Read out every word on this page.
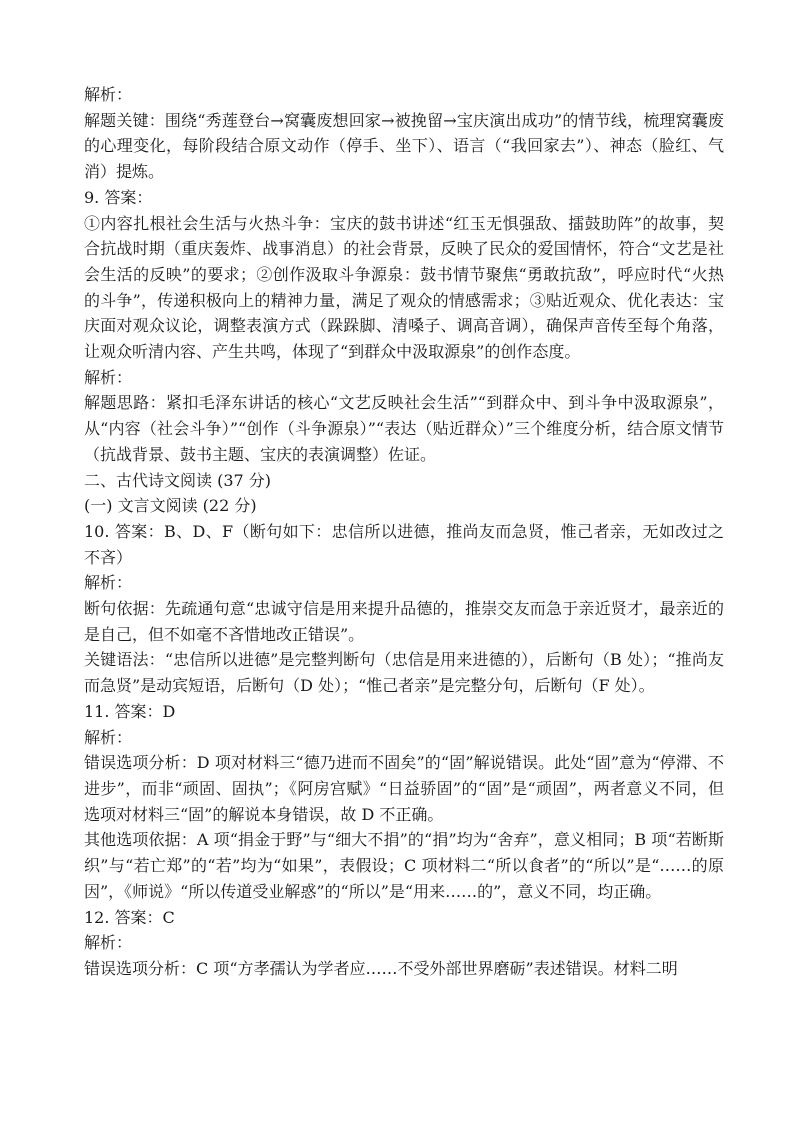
解析：

解题关键：围绕“秀莲登台→窝囊废想回家→被挽留→宝庆演出成功”的情节线，梳理窝囊废的心理变化，每阶段结合原文动作（停手、坐下）、语言（“我回家去”）、神态（脸红、气消）提炼。

9. 答案：

①内容扎根社会生活与火热斗争：宝庆的鼓书讲述“红玉无惧强敌、擂鼓助阵”的故事，契合抗战时期（重庆轰炸、战事消息）的社会背景，反映了民众的爱国情怀，符合“文艺是社会生活的反映”的要求；②创作汲取斗争源泉：鼓书情节聚焦“勇敢抗敌”，呼应时代“火热的斗争”，传递积极向上的精神力量，满足了观众的情感需求；③贴近观众、优化表达：宝庆面对观众议论，调整表演方式（跺跺脚、清嗓子、调高音调），确保声音传至每个角落，让观众听清内容、产生共鸣，体现了“到群众中汲取源泉”的创作态度。

解析：

解题思路：紧扣毛泽东讲话的核心“文艺反映社会生活”“到群众中、到斗争中汲取源泉”，从“内容（社会斗争）”“创作（斗争源泉）”“表达（贴近群众）”三个维度分析，结合原文情节（抗战背景、鼓书主题、宝庆的表演调整）佐证。

二、古代诗文阅读 (37 分)

(一) 文言文阅读 (22 分)

10. 答案：B、D、F（断句如下：忠信所以进德，推尚友而急贤，惟己者亲，无如改过之不吝）

解析：

断句依据：先疏通句意“忠诚守信是用来提升品德的，推崇交友而急于亲近贤才，最亲近的是自己，但不如毫不吝惜地改正错误”。

关键语法：“忠信所以进德”是完整判断句（忠信是用来进德的），后断句（B 处）；“推尚友而急贤”是动宾短语，后断句（D 处）；“惟己者亲”是完整分句，后断句（F 处）。

11. 答案：D

解析：

错误选项分析：D 项对材料三“德乃进而不固矣”的“固”解说错误。此处“固”意为“停滞、不进步”，而非“顽固、固执”；《阿房宫赋》“日益骄固”的“固”是“顽固”，两者意义不同，但选项对材料三“固”的解说本身错误，故 D 不正确。

其他选项依据：A 项“捐金于野”与“细大不捐”的“捐”均为“舍弃”，意义相同；B 项“若断斯织”与“若亡郑”的“若”均为“如果”，表假设；C 项材料二“所以食者”的“所以”是“……的原因”，《师说》“所以传道受业解惑”的“所以”是“用来……的”，意义不同，均正确。

12. 答案：C

解析：

错误选项分析：C 项“方孝孺认为学者应……不受外部世界磨砺”表述错误。材料二明
